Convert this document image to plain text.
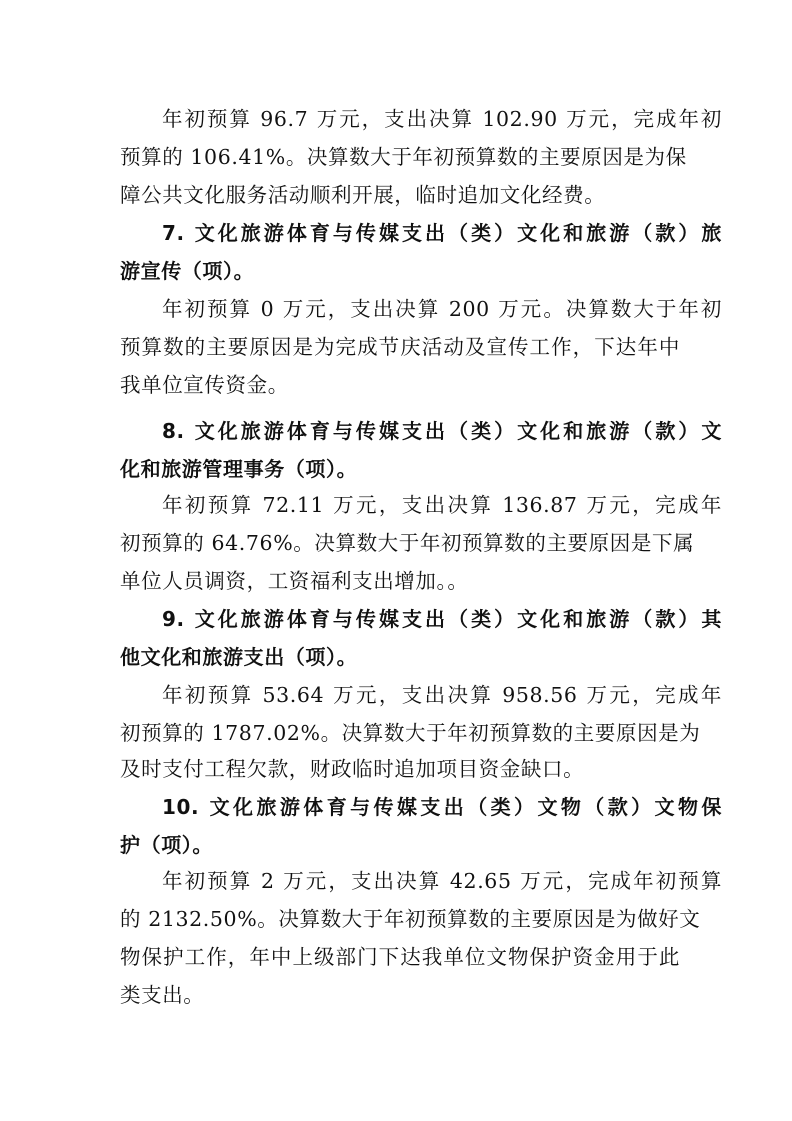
年初预算 96.7 万元，支出决算 102.90 万元，完成年初
预算的 106.41%。决算数大于年初预算数的主要原因是为保
障公共文化服务活动顺利开展，临时追加文化经费。
7. 文化旅游体育与传媒支出（类）文化和旅游（款）旅
游宣传（项）。
年初预算 0 万元，支出决算 200 万元。决算数大于年初
预算数的主要原因是为完成节庆活动及宣传工作，下达年中
我单位宣传资金。
8. 文化旅游体育与传媒支出（类）文化和旅游（款）文
化和旅游管理事务（项）。
年初预算 72.11 万元，支出决算 136.87 万元，完成年
初预算的 64.76%。决算数大于年初预算数的主要原因是下属
单位人员调资，工资福利支出增加。。
9. 文化旅游体育与传媒支出（类）文化和旅游（款）其
他文化和旅游支出（项）。
年初预算 53.64 万元，支出决算 958.56 万元，完成年
初预算的 1787.02%。决算数大于年初预算数的主要原因是为
及时支付工程欠款，财政临时追加项目资金缺口。
10. 文化旅游体育与传媒支出（类）文物（款）文物保
护（项）。
年初预算 2 万元，支出决算 42.65 万元，完成年初预算
的 2132.50%。决算数大于年初预算数的主要原因是为做好文
物保护工作，年中上级部门下达我单位文物保护资金用于此
类支出。
